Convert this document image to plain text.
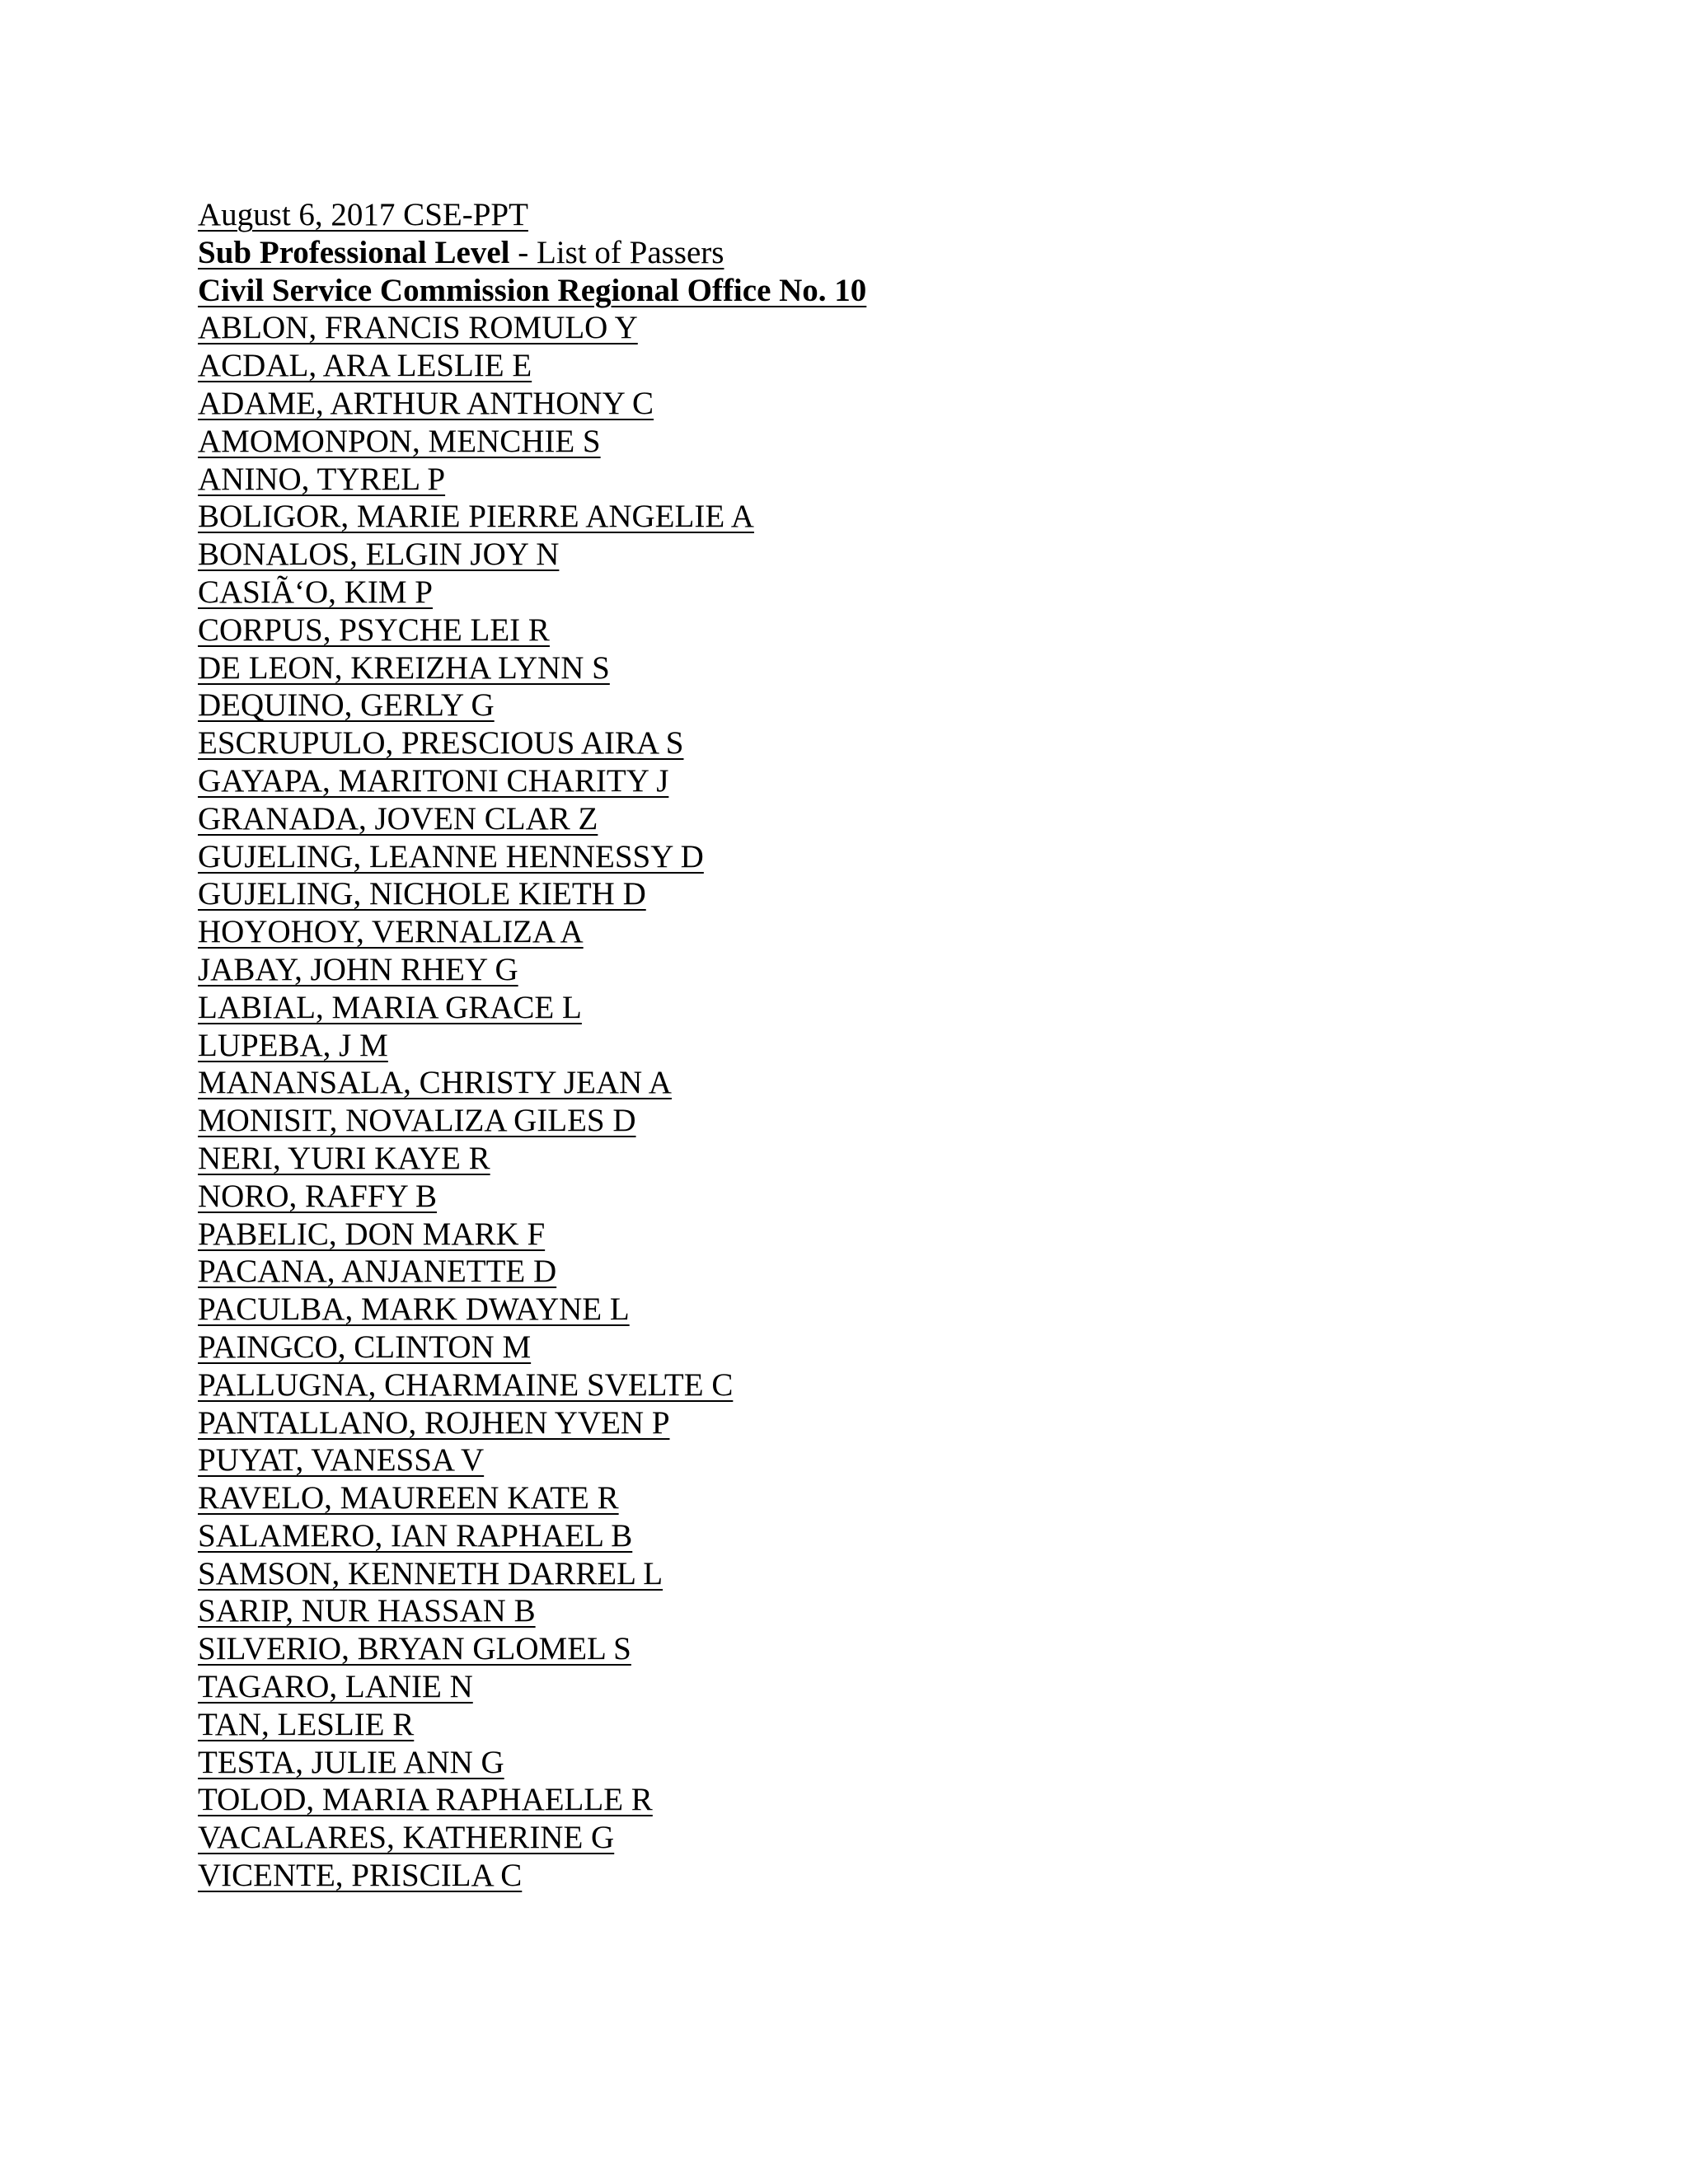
August 6, 2017 CSE-PPT
Sub Professional Level - List of Passers
Civil Service Commission Regional Office No. 10
ABLON, FRANCIS ROMULO Y
ACDAL, ARA LESLIE E
ADAME, ARTHUR ANTHONY C
AMOMONPON, MENCHIE S
ANINO, TYREL P
BOLIGOR, MARIE PIERRE ANGELIE A
BONALOS, ELGIN JOY N
CASIÃ‘O, KIM P
CORPUS, PSYCHE LEI R
DE LEON, KREIZHA LYNN S
DEQUINO, GERLY G
ESCRUPULO, PRESCIOUS AIRA S
GAYAPA, MARITONI CHARITY J
GRANADA, JOVEN CLAR Z
GUJELING, LEANNE HENNESSY D
GUJELING, NICHOLE KIETH D
HOYOHOY, VERNALIZA A
JABAY, JOHN RHEY G
LABIAL, MARIA GRACE L
LUPEBA, J M
MANANSALA, CHRISTY JEAN A
MONISIT, NOVALIZA GILES D
NERI, YURI KAYE R
NORO, RAFFY B
PABELIC, DON MARK F
PACANA, ANJANETTE D
PACULBA, MARK DWAYNE L
PAINGCO, CLINTON M
PALLUGNA, CHARMAINE SVELTE C
PANTALLANO, ROJHEN YVEN P
PUYAT, VANESSA V
RAVELO, MAUREEN KATE R
SALAMERO, IAN RAPHAEL B
SAMSON, KENNETH DARREL L
SARIP, NUR HASSAN B
SILVERIO, BRYAN GLOMEL S
TAGARO, LANIE N
TAN, LESLIE R
TESTA, JULIE ANN G
TOLOD, MARIA RAPHAELLE R
VACALARES, KATHERINE G
VICENTE, PRISCILA C
